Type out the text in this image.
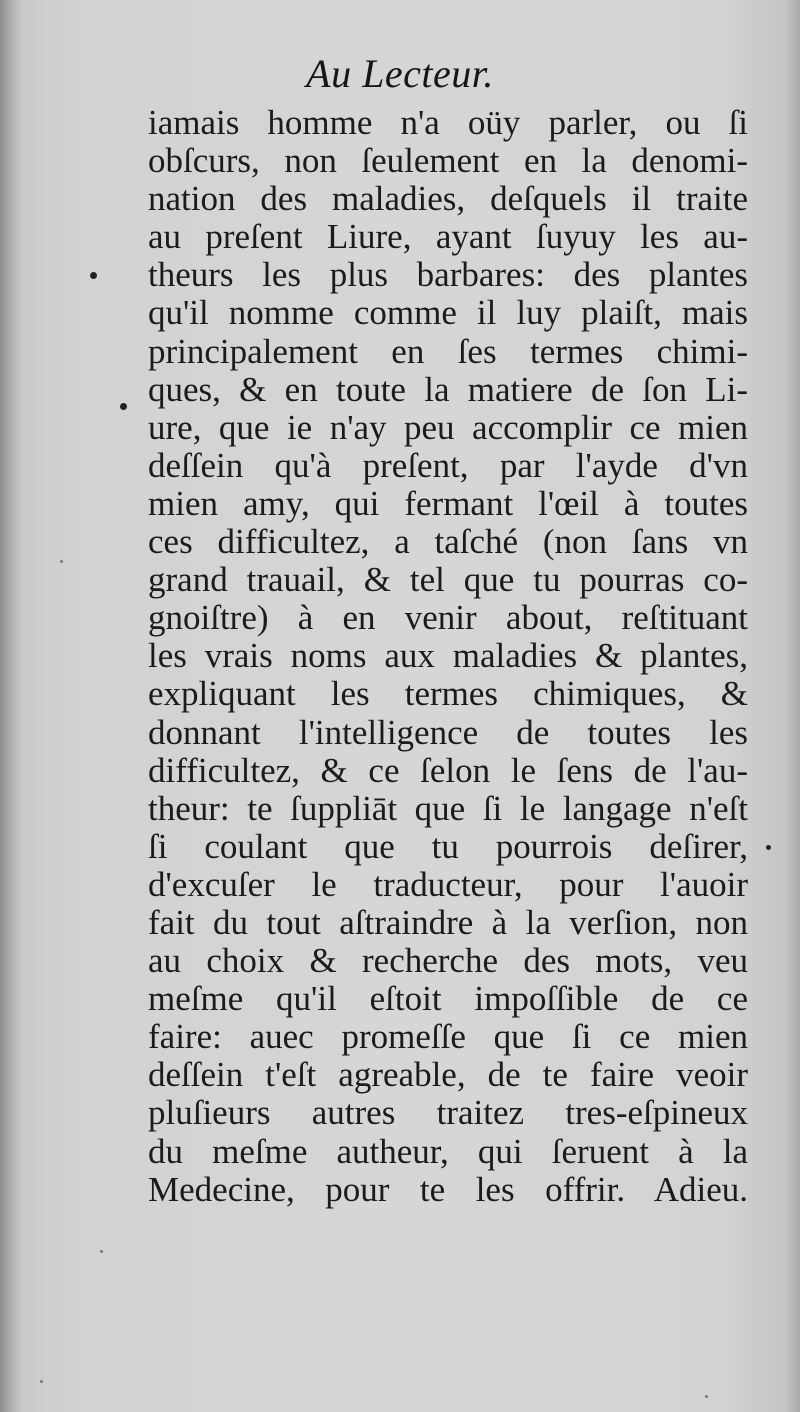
Au Lecteur.
iamais homme n'a oüy parler, ou ſi
obſcurs, non ſeulement en la denomi-
nation des maladies, deſquels il traite
au preſent Liure, ayant ſuyuy les au-
theurs les plus barbares: des plantes
qu'il nomme comme il luy plaiſt, mais
principalement en ſes termes chimi-
ques, & en toute la matiere de ſon Li-
ure, que ie n'ay peu accomplir ce mien
deſſein qu'à preſent, par l'ayde d'vn
mien amy, qui fermant l'œil à toutes
ces difficultez, a taſché (non ſans vn
grand trauail, & tel que tu pourras co-
gnoiſtre) à en venir about, reſtituant
les vrais noms aux maladies & plantes,
expliquant les termes chimiques, &
donnant l'intelligence de toutes les
difficultez, & ce ſelon le ſens de l'au-
theur: te ſuppliāt que ſi le langage n'eſt
ſi coulant que tu pourrois deſirer,
d'excuſer le traducteur, pour l'auoir
fait du tout aſtraindre à la verſion, non
au choix & recherche des mots, veu
meſme qu'il eſtoit impoſſible de ce
faire: auec promeſſe que ſi ce mien
deſſein t'eſt agreable, de te faire veoir
pluſieurs autres traitez tres-eſpineux
du meſme autheur, qui ſeruent à la
Medecine, pour te les offrir. Adieu.
